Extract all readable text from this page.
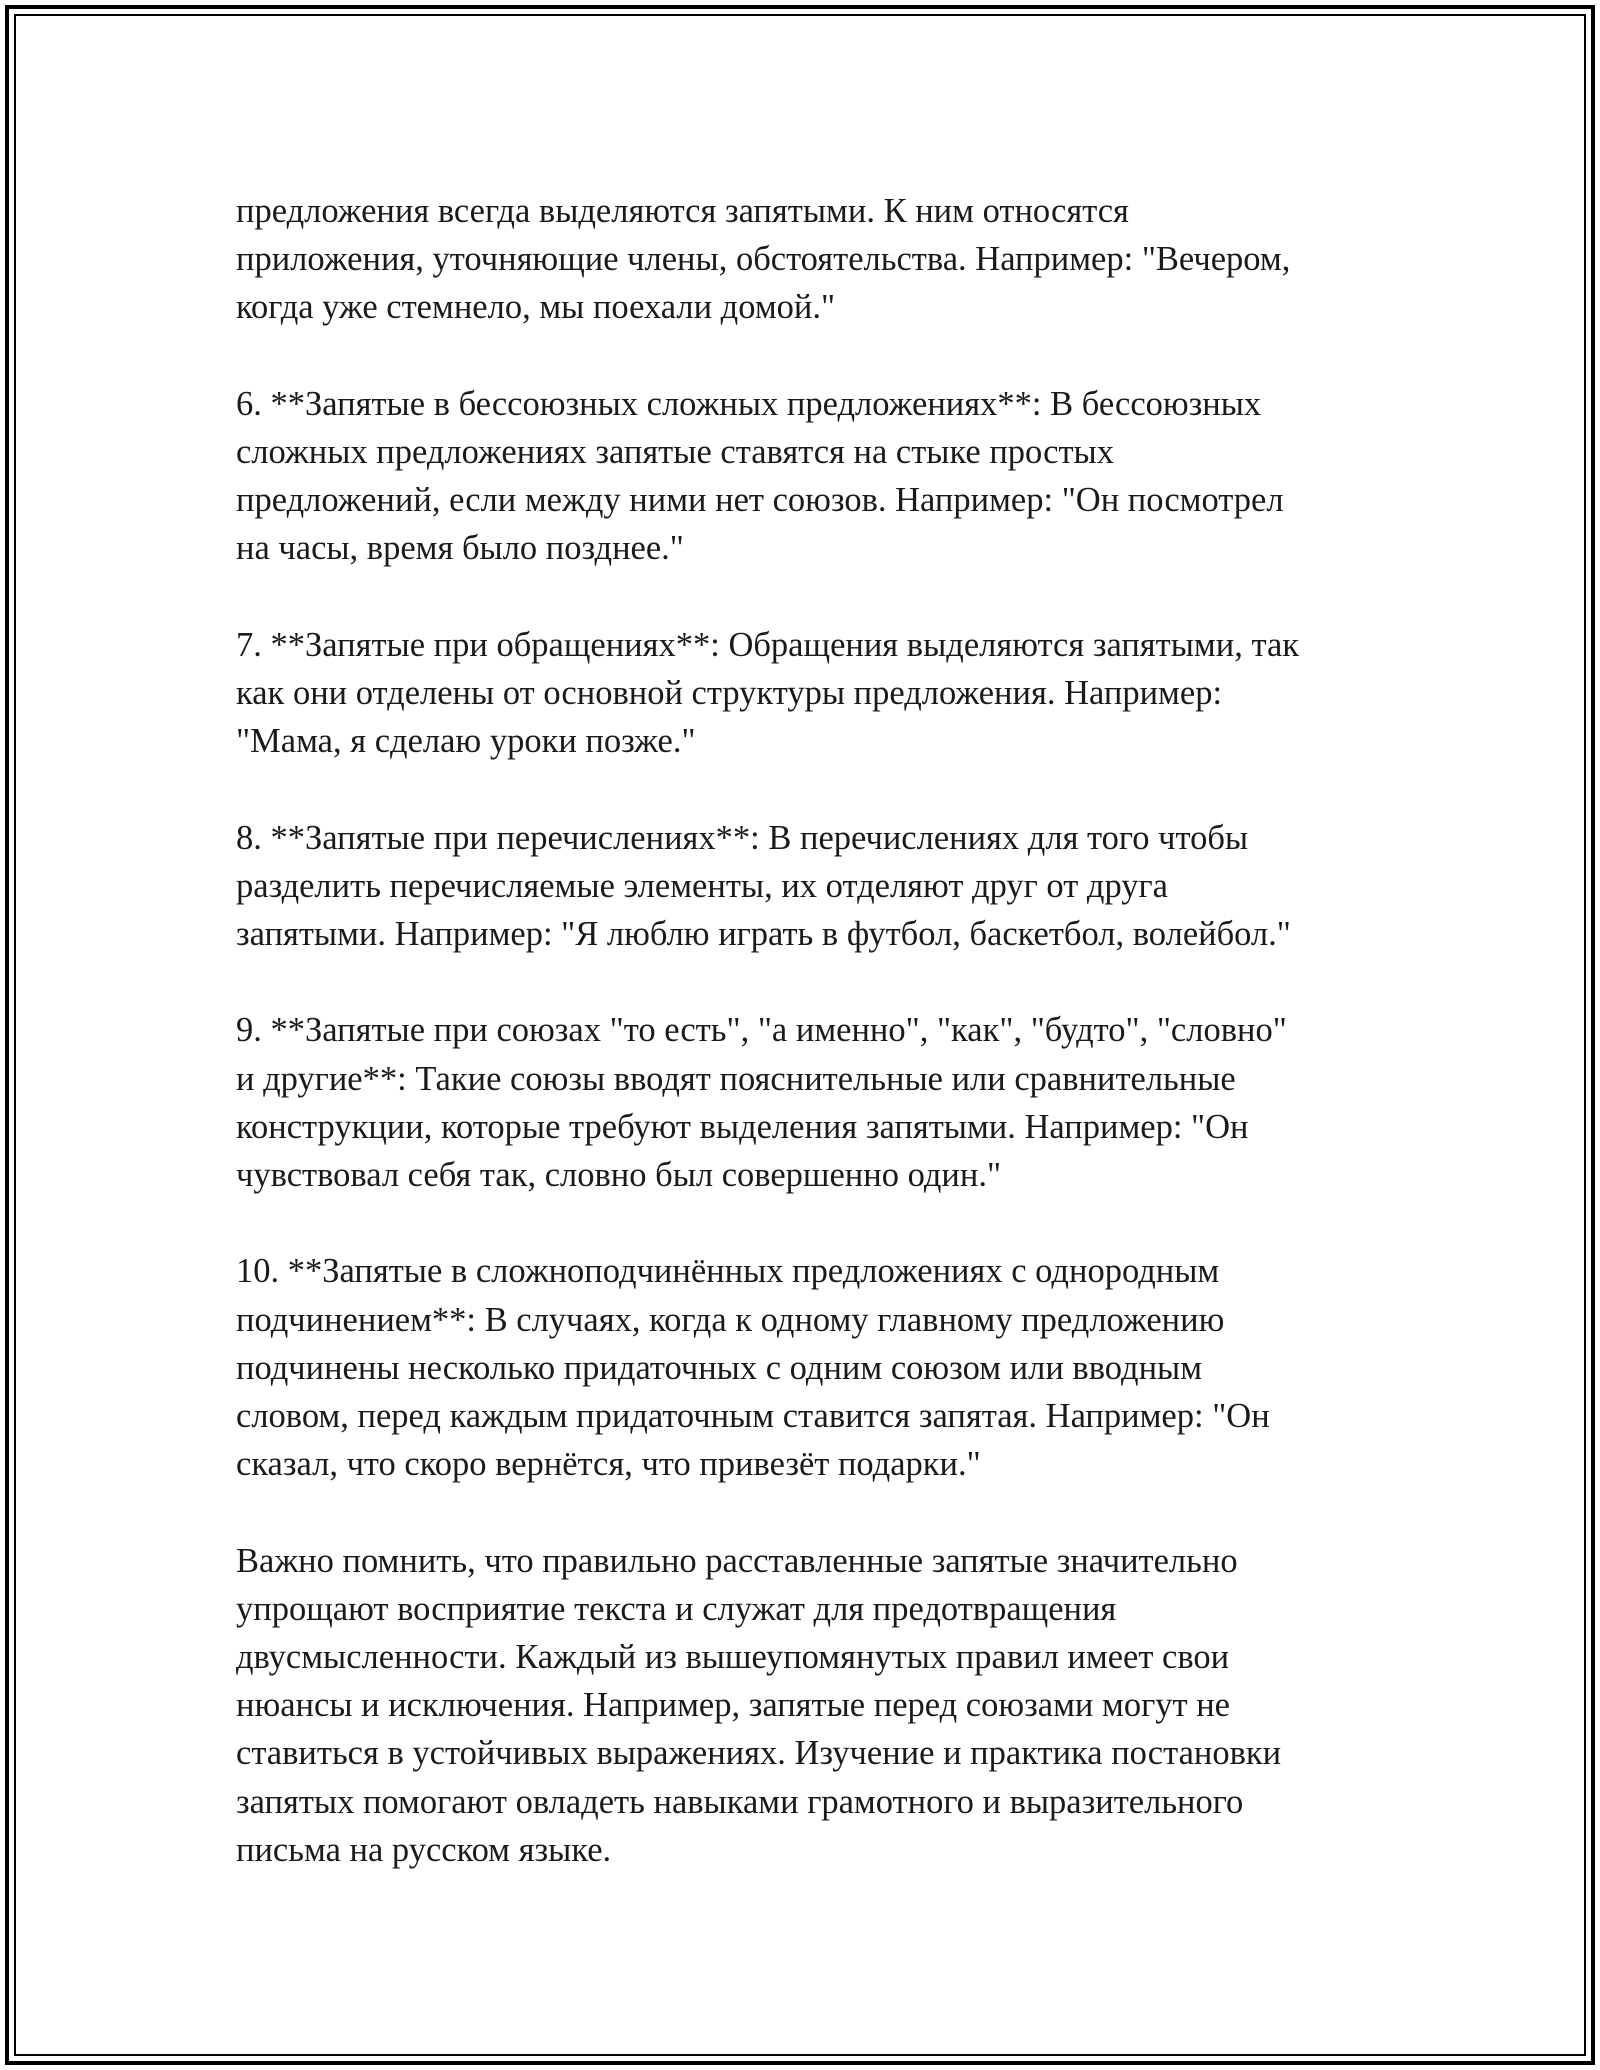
предложения всегда выделяются запятыми. К ним относятся
приложения, уточняющие члены, обстоятельства. Например: "Вечером,
когда уже стемнело, мы поехали домой."

6. **Запятые в бессоюзных сложных предложениях**: В бессоюзных
сложных предложениях запятые ставятся на стыке простых
предложений, если между ними нет союзов. Например: "Он посмотрел
на часы, время было позднее."

7. **Запятые при обращениях**: Обращения выделяются запятыми, так
как они отделены от основной структуры предложения. Например:
"Мама, я сделаю уроки позже."

8. **Запятые при перечислениях**: В перечислениях для того чтобы
разделить перечисляемые элементы, их отделяют друг от друга
запятыми. Например: "Я люблю играть в футбол, баскетбол, волейбол."

9. **Запятые при союзах "то есть", "а именно", "как", "будто", "словно"
и другие**: Такие союзы вводят пояснительные или сравнительные
конструкции, которые требуют выделения запятыми. Например: "Он
чувствовал себя так, словно был совершенно один."

10. **Запятые в сложноподчинённых предложениях с однородным
подчинением**: В случаях, когда к одному главному предложению
подчинены несколько придаточных с одним союзом или вводным
словом, перед каждым придаточным ставится запятая. Например: "Он
сказал, что скоро вернётся, что привезёт подарки."

Важно помнить, что правильно расставленные запятые значительно
упрощают восприятие текста и служат для предотвращения
двусмысленности. Каждый из вышеупомянутых правил имеет свои
нюансы и исключения. Например, запятые перед союзами могут не
ставиться в устойчивых выражениях. Изучение и практика постановки
запятых помогают овладеть навыками грамотного и выразительного
письма на русском языке.
